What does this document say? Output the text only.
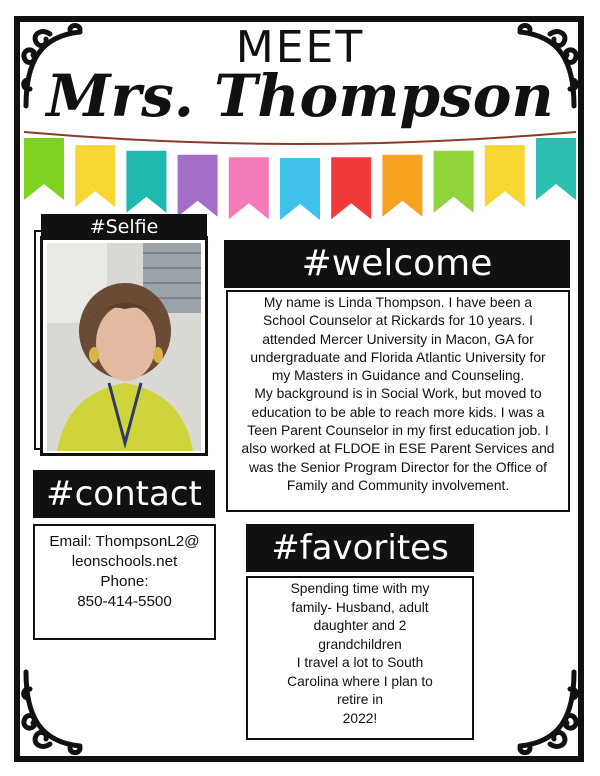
MEET
Mrs. Thompson
#Selfie
#welcome
My name is Linda Thompson. I have been a
School Counselor at Rickards for 10 years. I
attended Mercer University in Macon, GA for
undergraduate and Florida Atlantic University for
my Masters in Guidance and Counseling.
My background is in Social Work, but moved to
education to be able to reach more kids. I was a
Teen Parent Counselor in my first education job. I
also worked at FLDOE in ESE Parent Services and
was the Senior Program Director for the Office of
Family and Community involvement.
#contact
Email: ThompsonL2@
leonschools.net
Phone:
850-414-5500
#favorites
Spending time with my
family- Husband, adult
daughter and 2
grandchildren
I travel a lot to South
Carolina where I plan to
retire in
2022!
